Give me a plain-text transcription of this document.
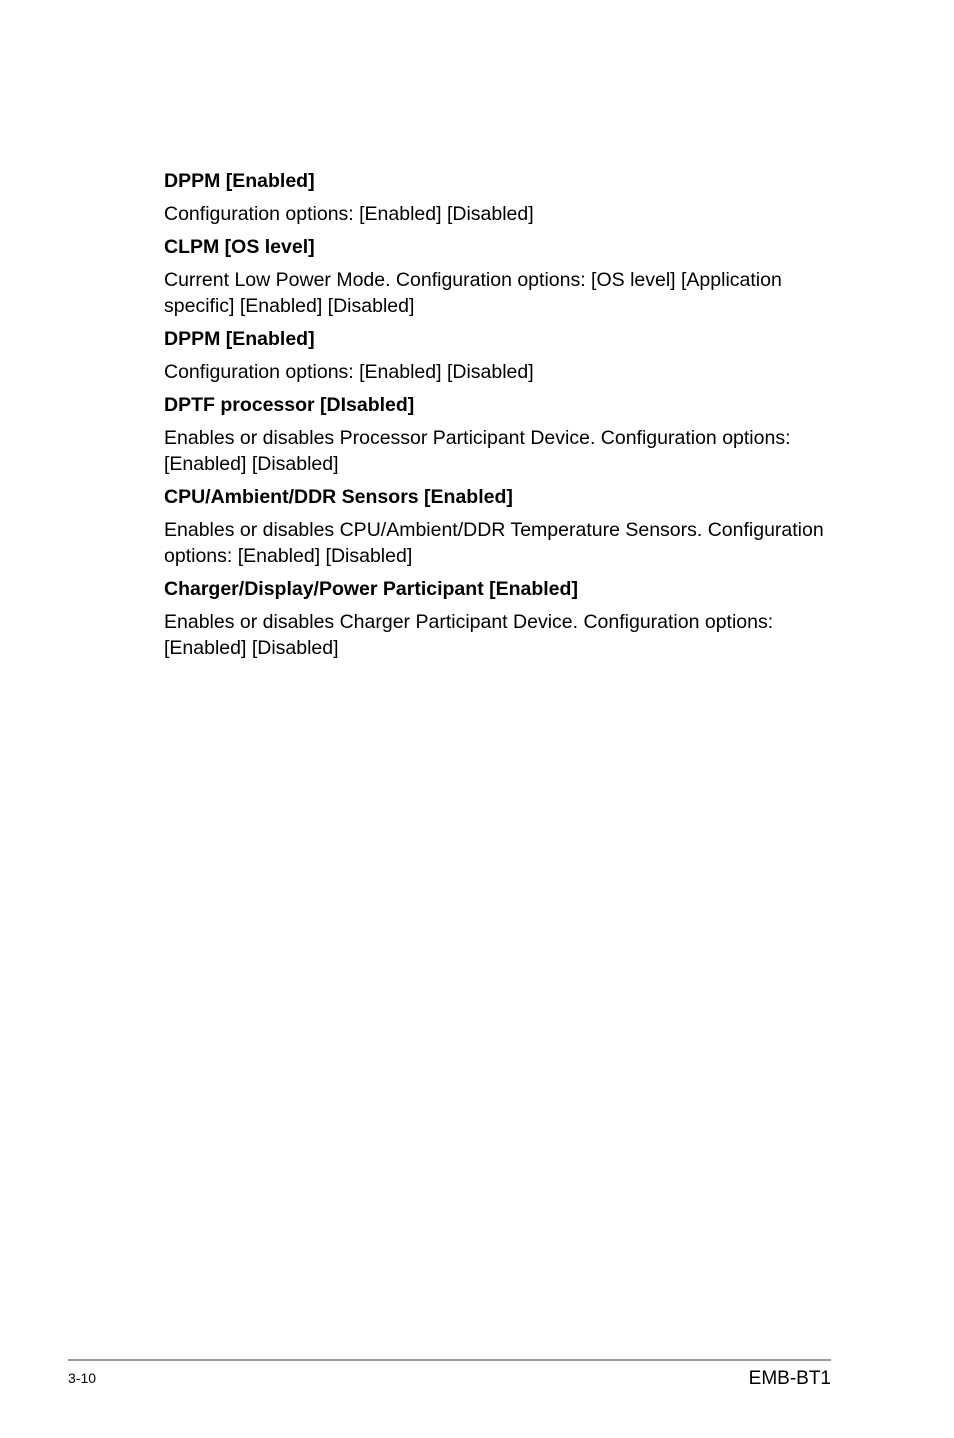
DPPM [Enabled]
Configuration options: [Enabled] [Disabled]
CLPM [OS level]
Current Low Power Mode. Configuration options: [OS level] [Application specific] [Enabled] [Disabled]
DPPM [Enabled]
Configuration options: [Enabled] [Disabled]
DPTF processor [DIsabled]
Enables or disables Processor Participant Device. Configuration options: [Enabled] [Disabled]
CPU/Ambient/DDR Sensors [Enabled]
Enables or disables CPU/Ambient/DDR Temperature Sensors. Configuration options: [Enabled] [Disabled]
Charger/Display/Power Participant [Enabled]
Enables or disables Charger Participant Device. Configuration options: [Enabled] [Disabled]
3-10	EMB-BT1
